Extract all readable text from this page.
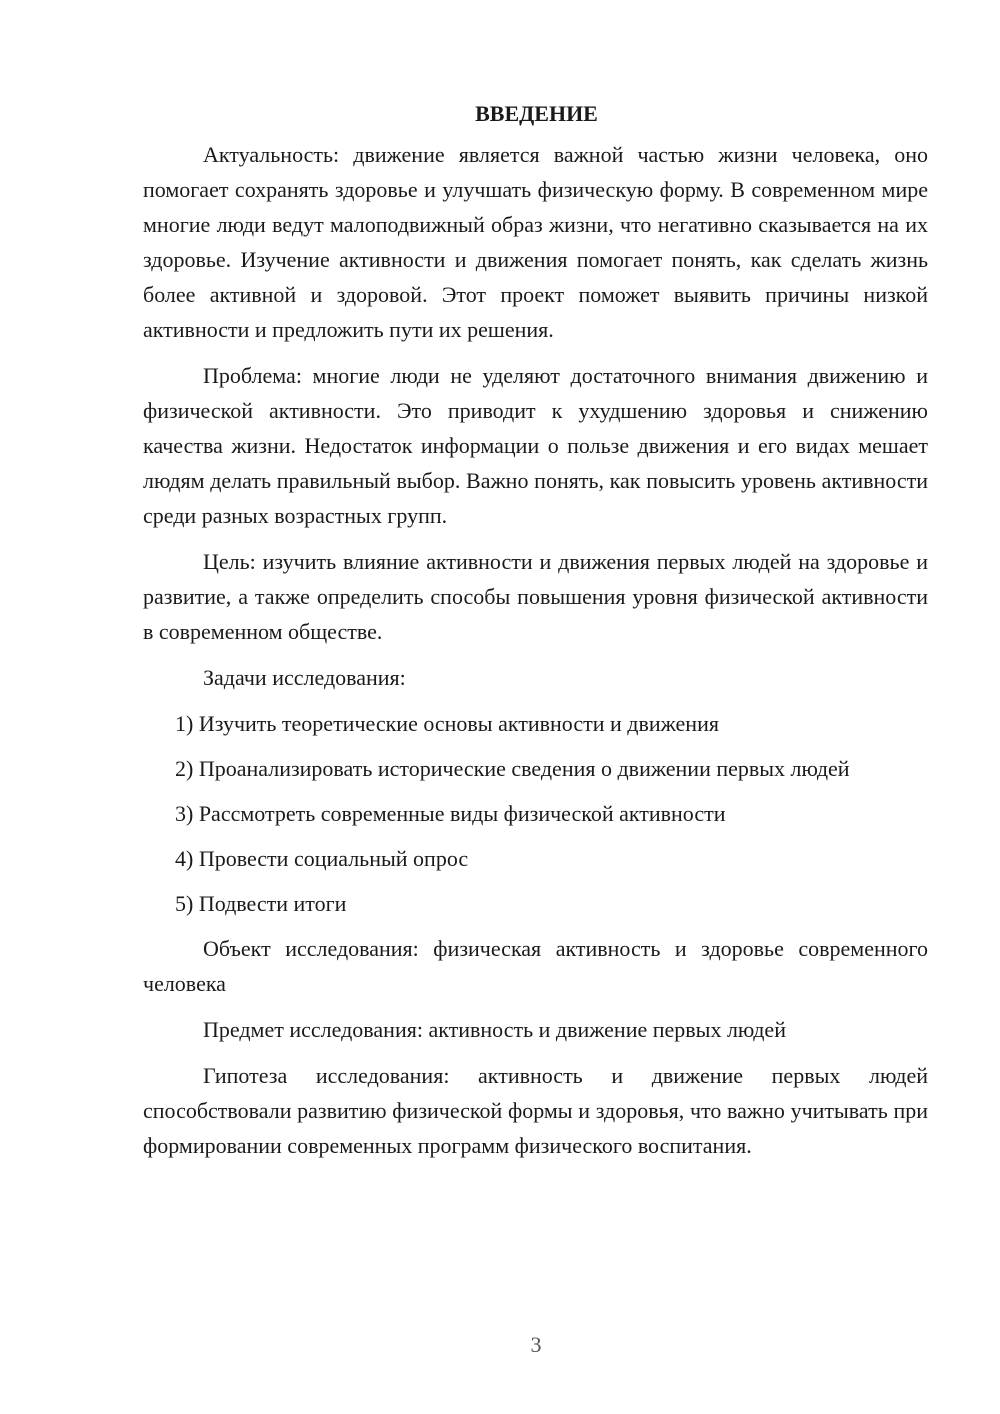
ВВЕДЕНИЕ

Актуальность: движение является важной частью жизни человека, оно помогает сохранять здоровье и улучшать физическую форму. В современном мире многие люди ведут малоподвижный образ жизни, что негативно сказывается на их здоровье. Изучение активности и движения помогает понять, как сделать жизнь более активной и здоровой. Этот проект поможет выявить причины низкой активности и предложить пути их решения.

Проблема: многие люди не уделяют достаточного внимания движению и физической активности. Это приводит к ухудшению здоровья и снижению качества жизни. Недостаток информации о пользе движения и его видах мешает людям делать правильный выбор. Важно понять, как повысить уровень активности среди разных возрастных групп.

Цель: изучить влияние активности и движения первых людей на здоровье и развитие, а также определить способы повышения уровня физической активности в современном обществе.

Задачи исследования:

1) Изучить теоретические основы активности и движения

2) Проанализировать исторические сведения о движении первых людей

3) Рассмотреть современные виды физической активности

4) Провести социальный опрос

5) Подвести итоги

Объект исследования: физическая активность и здоровье современного человека

Предмет исследования: активность и движение первых людей

Гипотеза исследования: активность и движение первых людей способствовали развитию физической формы и здоровья, что важно учитывать при формировании современных программ физического воспитания.

3
